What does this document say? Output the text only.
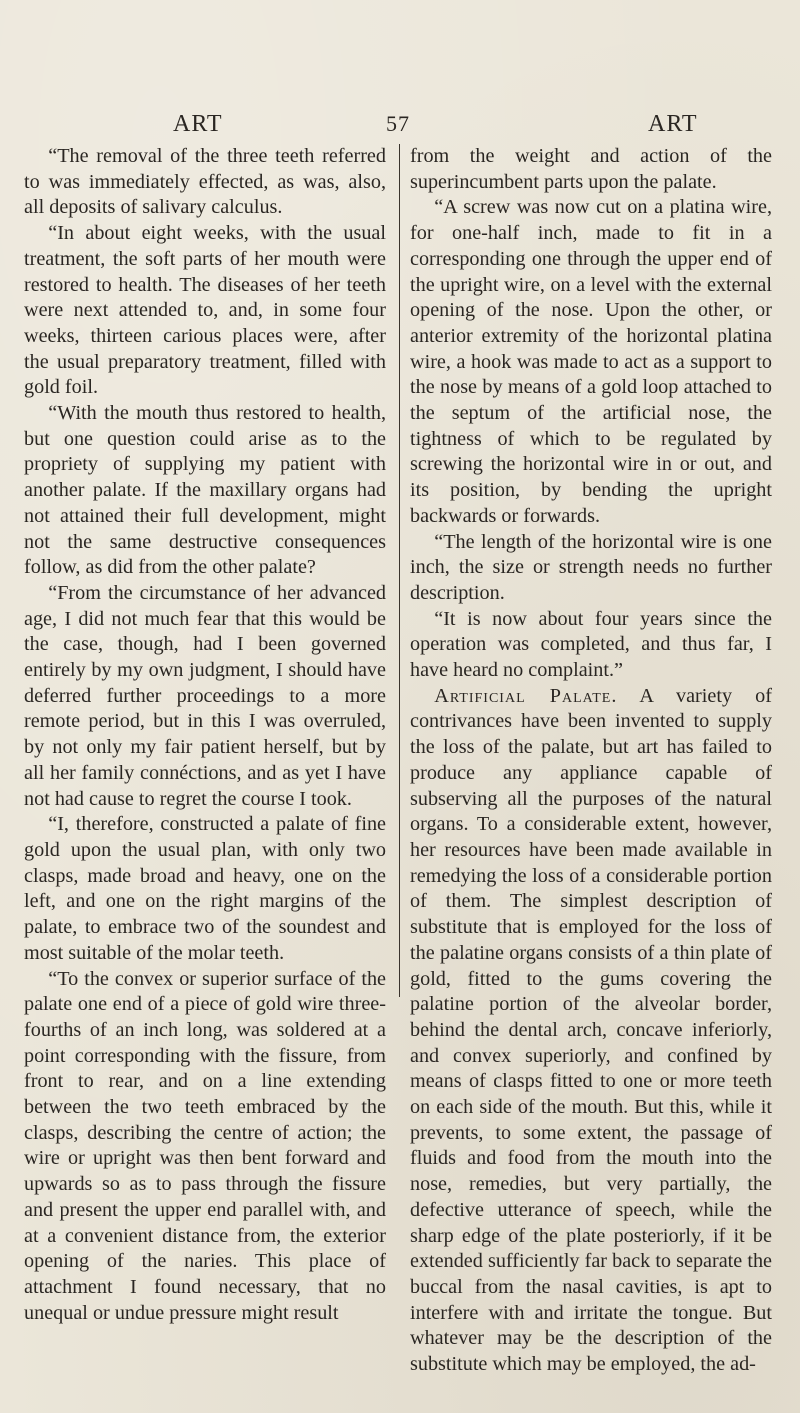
ART	57	ART

“The removal of the three teeth referred to was immediately effected, as was, also, all deposits of salivary calculus.

“In about eight weeks, with the usual treatment, the soft parts of her mouth were restored to health. The diseases of her teeth were next attended to, and, in some four weeks, thirteen carious places were, after the usual preparatory treatment, filled with gold foil.

“With the mouth thus restored to health, but one question could arise as to the propriety of supplying my patient with another palate. If the maxillary organs had not attained their full development, might not the same destructive consequences follow, as did from the other palate?

“From the circumstance of her advanced age, I did not much fear that this would be the case, though, had I been governed entirely by my own judgment, I should have deferred further proceedings to a more remote period, but in this I was overruled, by not only my fair patient herself, but by all her family connéctions, and as yet I have not had cause to regret the course I took.

“I, therefore, constructed a palate of fine gold upon the usual plan, with only two clasps, made broad and heavy, one on the left, and one on the right margins of the palate, to embrace two of the soundest and most suitable of the molar teeth.

“To the convex or superior surface of the palate one end of a piece of gold wire three-fourths of an inch long, was soldered at a point corresponding with the fissure, from front to rear, and on a line extending between the two teeth embraced by the clasps, describing the centre of action; the wire or upright was then bent forward and upwards so as to pass through the fissure and present the upper end parallel with, and at a convenient distance from, the exterior opening of the naries. This place of attachment I found necessary, that no unequal or undue pressure might result

from the weight and action of the superincumbent parts upon the palate.

“A screw was now cut on a platina wire, for one-half inch, made to fit in a corresponding one through the upper end of the upright wire, on a level with the external opening of the nose. Upon the other, or anterior extremity of the horizontal platina wire, a hook was made to act as a support to the nose by means of a gold loop attached to the septum of the artificial nose, the tightness of which to be regulated by screwing the horizontal wire in or out, and its position, by bending the upright backwards or forwards.

“The length of the horizontal wire is one inch, the size or strength needs no further description.

“It is now about four years since the operation was completed, and thus far, I have heard no complaint.”

Artificial Palate. A variety of contrivances have been invented to supply the loss of the palate, but art has failed to produce any appliance capable of subserving all the purposes of the natural organs. To a considerable extent, however, her resources have been made available in remedying the loss of a considerable portion of them. The simplest description of substitute that is employed for the loss of the palatine organs consists of a thin plate of gold, fitted to the gums covering the palatine portion of the alveolar border, behind the dental arch, concave inferiorly, and convex superiorly, and confined by means of clasps fitted to one or more teeth on each side of the mouth. But this, while it prevents, to some extent, the passage of fluids and food from the mouth into the nose, remedies, but very partially, the defective utterance of speech, while the sharp edge of the plate posteriorly, if it be extended sufficiently far back to separate the buccal from the nasal cavities, is apt to interfere with and irritate the tongue. But whatever may be the description of the substitute which may be employed, the ad-
